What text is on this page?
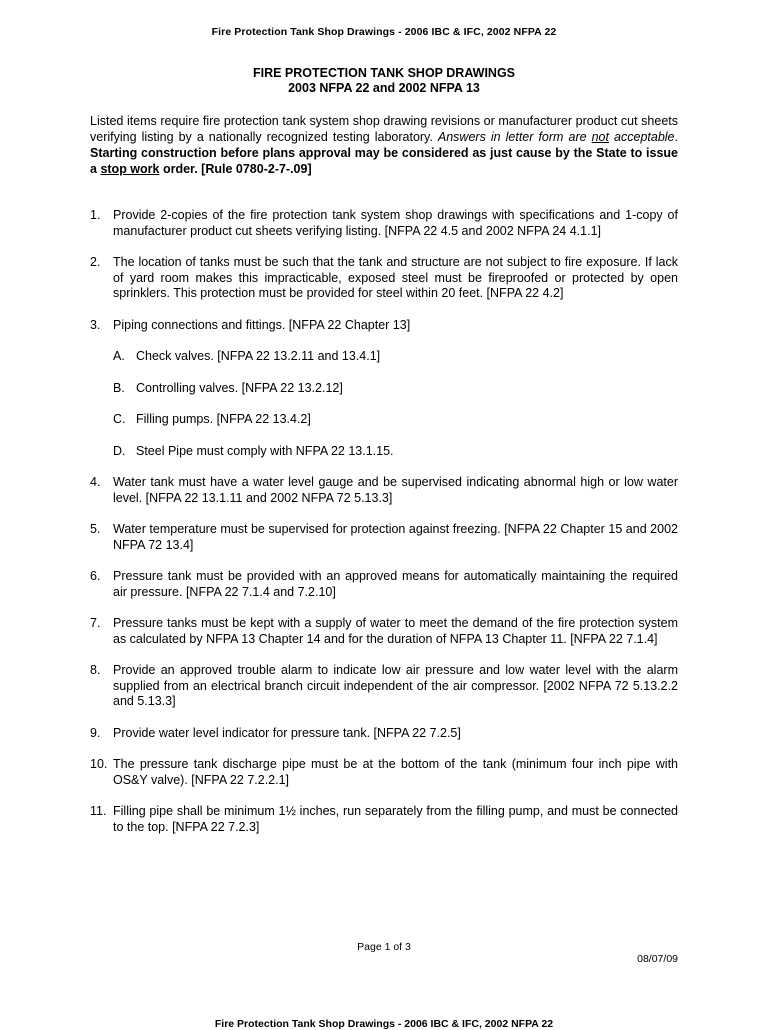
Fire Protection Tank Shop Drawings - 2006 IBC & IFC, 2002 NFPA 22
FIRE PROTECTION TANK SHOP DRAWINGS
2003 NFPA 22 and 2002 NFPA 13
Listed items require fire protection tank system shop drawing revisions or manufacturer product cut sheets verifying listing by a nationally recognized testing laboratory. Answers in letter form are not acceptable. Starting construction before plans approval may be considered as just cause by the State to issue a stop work order. [Rule 0780-2-7-.09]
1.	Provide 2-copies of the fire protection tank system shop drawings with specifications and 1-copy of manufacturer product cut sheets verifying listing. [NFPA 22 4.5 and 2002 NFPA 24 4.1.1]
2.	The location of tanks must be such that the tank and structure are not subject to fire exposure. If lack of yard room makes this impracticable, exposed steel must be fireproofed or protected by open sprinklers. This protection must be provided for steel within 20 feet. [NFPA 22 4.2]
3.	Piping connections and fittings. [NFPA 22 Chapter 13]
A. Check valves. [NFPA 22 13.2.11 and 13.4.1]
B. Controlling valves. [NFPA 22 13.2.12]
C. Filling pumps. [NFPA 22 13.4.2]
D. Steel Pipe must comply with NFPA 22 13.1.15.
4.	Water tank must have a water level gauge and be supervised indicating abnormal high or low water level. [NFPA 22 13.1.11 and 2002 NFPA 72 5.13.3]
5.	Water temperature must be supervised for protection against freezing. [NFPA 22 Chapter 15 and 2002 NFPA 72 13.4]
6.	Pressure tank must be provided with an approved means for automatically maintaining the required air pressure. [NFPA 22 7.1.4 and 7.2.10]
7.	Pressure tanks must be kept with a supply of water to meet the demand of the fire protection system as calculated by NFPA 13 Chapter 14 and for the duration of NFPA 13 Chapter 11. [NFPA 22 7.1.4]
8.	Provide an approved trouble alarm to indicate low air pressure and low water level with the alarm supplied from an electrical branch circuit independent of the air compressor. [2002 NFPA 72 5.13.2.2 and 5.13.3]
9.	Provide water level indicator for pressure tank. [NFPA 22 7.2.5]
10. The pressure tank discharge pipe must be at the bottom of the tank (minimum four inch pipe with OS&Y valve). [NFPA 22 7.2.2.1]
11. Filling pipe shall be minimum 1½ inches, run separately from the filling pump, and must be connected to the top. [NFPA 22 7.2.3]
Page 1 of 3
08/07/09
Fire Protection Tank Shop Drawings - 2006 IBC & IFC, 2002 NFPA 22
